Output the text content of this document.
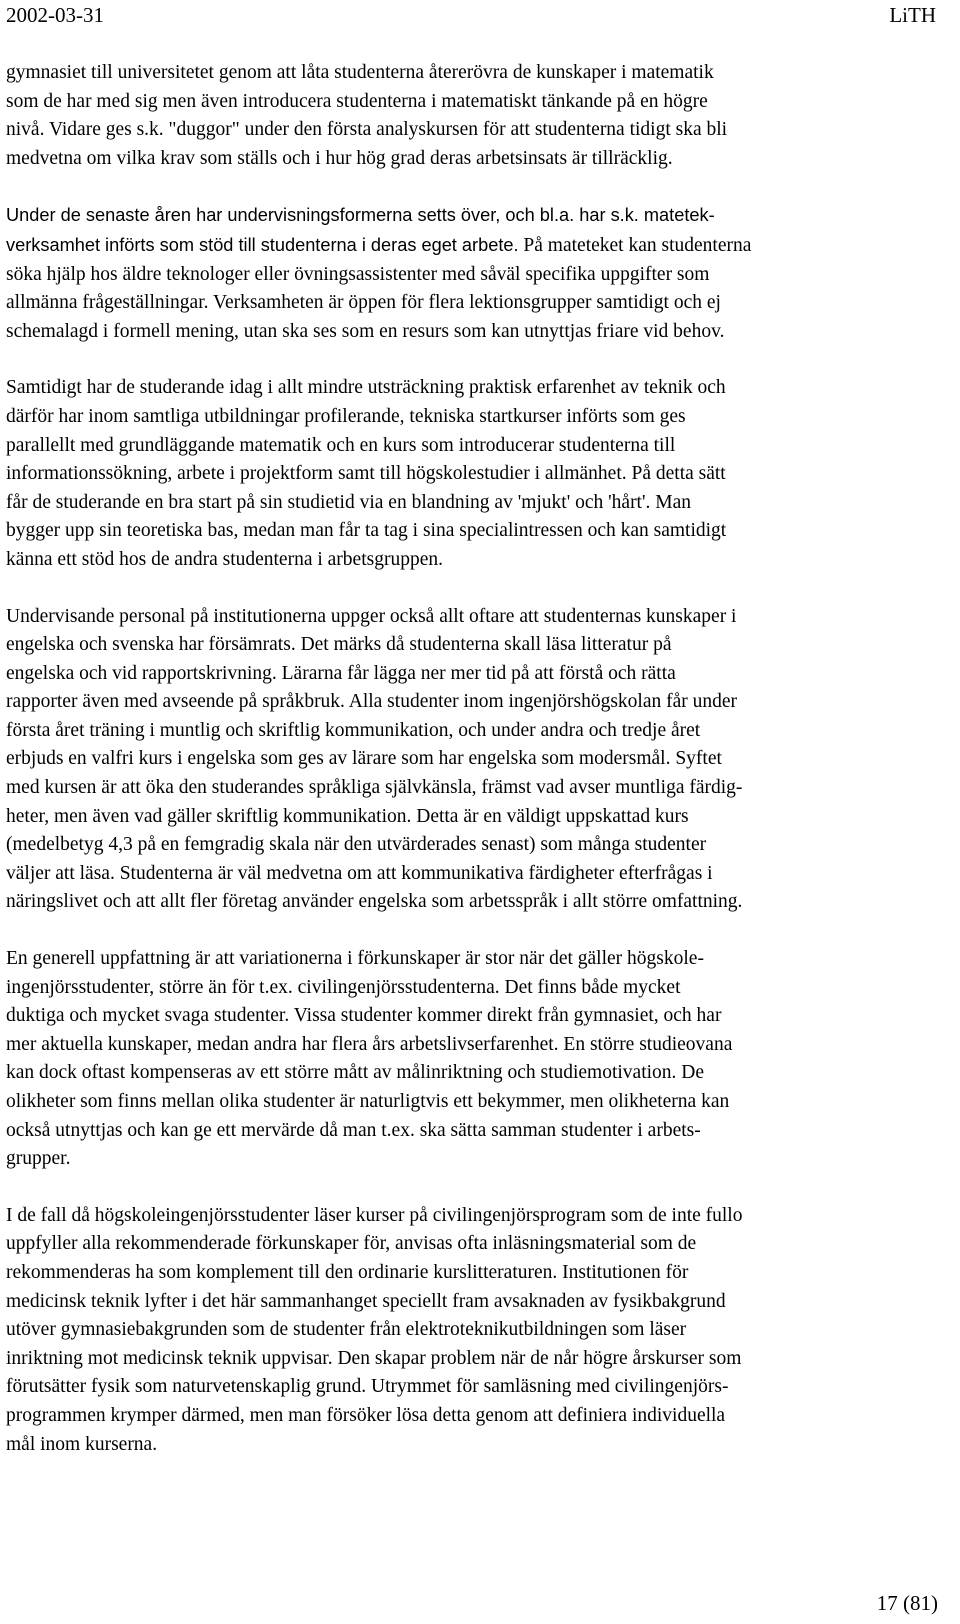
2002-03-31	LiTH

gymnasiet till universitetet genom att låta studenterna återerövra de kunskaper i matematik
som de har med sig men även introducera studenterna i matematiskt tänkande på en högre
nivå. Vidare ges s.k. "duggor" under den första analyskursen för att studenterna tidigt ska bli
medvetna om vilka krav som ställs och i hur hög grad deras arbetsinsats är tillräcklig.

Under de senaste åren har undervisningsformerna setts över, och bl.a. har s.k. matetek-
verksamhet införts som stöd till studenterna i deras eget arbete. På mateteket kan studenterna
söka hjälp hos äldre teknologer eller övningsassistenter med såväl specifika uppgifter som
allmänna frågeställningar. Verksamheten är öppen för flera lektionsgrupper samtidigt och ej
schemalagd i formell mening, utan ska ses som en resurs som kan utnyttjas friare vid behov.

Samtidigt har de studerande idag i allt mindre utsträckning praktisk erfarenhet av teknik och
därför har inom samtliga utbildningar profilerande, tekniska startkurser införts som ges
parallellt med grundläggande matematik och en kurs som introducerar studenterna till
informationssökning, arbete i projektform samt till högskolestudier i allmänhet. På detta sätt
får de studerande en bra start på sin studietid via en blandning av 'mjukt' och 'hårt'. Man
bygger upp sin teoretiska bas, medan man får ta tag i sina specialintressen och kan samtidigt
känna ett stöd hos de andra studenterna i arbetsgruppen.

Undervisande personal på institutionerna uppger också allt oftare att studenternas kunskaper i
engelska och svenska har försämrats. Det märks då studenterna skall läsa litteratur på
engelska och vid rapportskrivning. Lärarna får lägga ner mer tid på att förstå och rätta
rapporter även med avseende på språkbruk. Alla studenter inom ingenjörshögskolan får under
första året träning i muntlig och skriftlig kommunikation, och under andra och tredje året
erbjuds en valfri kurs i engelska som ges av lärare som har engelska som modersmål. Syftet
med kursen är att öka den studerandes språkliga självkänsla, främst vad avser muntliga färdig-
heter, men även vad gäller skriftlig kommunikation. Detta är en väldigt uppskattad kurs
(medelbetyg 4,3 på en femgradig skala när den utvärderades senast) som många studenter
väljer att läsa. Studenterna är väl medvetna om att kommunikativa färdigheter efterfrågas i
näringslivet och att allt fler företag använder engelska som arbetsspråk i allt större omfattning.

En generell uppfattning är att variationerna i förkunskaper är stor när det gäller högskole-
ingenjörsstudenter, större än för t.ex. civilingenjörsstudenterna. Det finns både mycket
duktiga och mycket svaga studenter. Vissa studenter kommer direkt från gymnasiet, och har
mer aktuella kunskaper, medan andra har flera års arbetslivserfarenhet. En större studieovana
kan dock oftast kompenseras av ett större mått av målinriktning och studiemotivation. De
olikheter som finns mellan olika studenter är naturligtvis ett bekymmer, men olikheterna kan
också utnyttjas och kan ge ett mervärde då man t.ex. ska sätta samman studenter i arbets-
grupper.

I de fall då högskoleingenjörsstudenter läser kurser på civilingenjörsprogram som de inte fullo
uppfyller alla rekommenderade förkunskaper för, anvisas ofta inläsningsmaterial som de
rekommenderas ha som komplement till den ordinarie kurslitteraturen. Institutionen för
medicinsk teknik lyfter i det här sammanhanget speciellt fram avsaknaden av fysikbakgrund
utöver gymnasiebakgrunden som de studenter från elektroteknikutbildningen som läser
inriktning mot medicinsk teknik uppvisar. Den skapar problem när de når högre årskurser som
förutsätter fysik som naturvetenskaplig grund. Utrymmet för samläsning med civilingenjörs-
programmen krymper därmed, men man försöker lösa detta genom att definiera individuella
mål inom kurserna.

17 (81)
